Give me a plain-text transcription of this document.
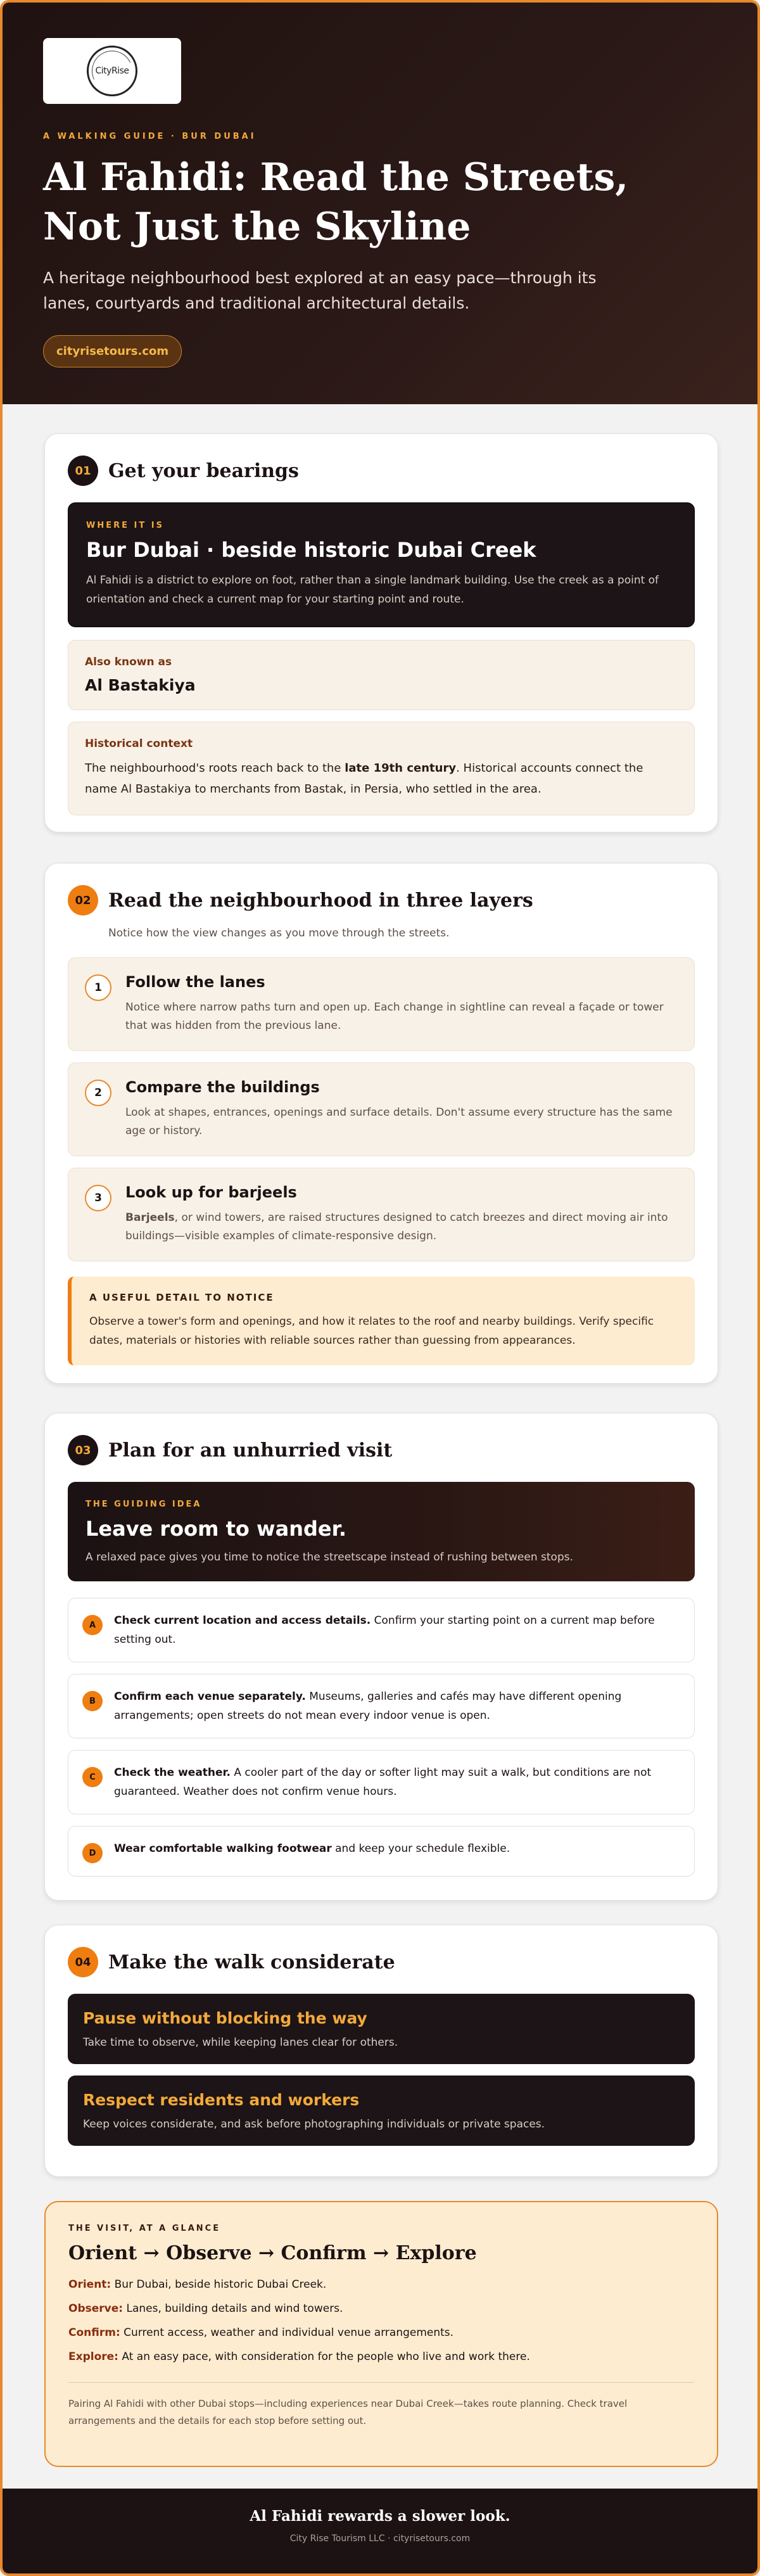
CityRise
A WALKING GUIDE · BUR DUBAI
Al Fahidi: Read the Streets,
Not Just the Skyline

A heritage neighbourhood best explored at an easy pace—through its lanes, courtyards and traditional architectural details.

cityrisetours.com
01 Get your bearings
WHERE IT IS
Bur Dubai · beside historic Dubai Creek
Al Fahidi is a district to explore on foot, rather than a single landmark building. Use the creek as a point of orientation and check a current map for your starting point and route.
Also known as
Al Bastakiya
Historical context
The neighbourhood's roots reach back to the late 19th century. Historical accounts connect the name Al Bastakiya to merchants from Bastak, in Persia, who settled in the area.
02 Read the neighbourhood in three layers

Notice how the view changes as you move through the streets.

1	Follow the lanes
Notice where narrow paths turn and open up. Each change in sightline can reveal a façade or tower that was hidden from the previous lane.
2	Compare the buildings
Look at shapes, entrances, openings and surface details. Don't assume every structure has the same age or history.
3	Look up for barjeels
Barjeels, or wind towers, are raised structures designed to catch breezes and direct moving air into buildings—visible examples of climate-responsive design.
A USEFUL DETAIL TO NOTICE
Observe a tower's form and openings, and how it relates to the roof and nearby buildings. Verify specific dates, materials or histories with reliable sources rather than guessing from appearances.
03 Plan for an unhurried visit
THE GUIDING IDEA
Leave room to wander.
A relaxed pace gives you time to notice the streetscape instead of rushing between stops.
A	Check current location and access details. Confirm your starting point on a current map before setting out.
B	Confirm each venue separately. Museums, galleries and cafés may have different opening arrangements; open streets do not mean every indoor venue is open.
C	Check the weather. A cooler part of the day or softer light may suit a walk, but conditions are not guaranteed. Weather does not confirm venue hours.
D	Wear comfortable walking footwear and keep your schedule flexible.
04 Make the walk considerate
Pause without blocking the way
Take time to observe, while keeping lanes clear for others.
Respect residents and workers
Keep voices considerate, and ask before photographing individuals or private spaces.
THE VISIT, AT A GLANCE
Orient → Observe → Confirm → Explore
Orient: Bur Dubai, beside historic Dubai Creek.
Observe: Lanes, building details and wind towers.
Confirm: Current access, weather and individual venue arrangements.
Explore: At an easy pace, with consideration for the people who live and work there.

Pairing Al Fahidi with other Dubai stops—including experiences near Dubai Creek—takes route planning. Check travel arrangements and the details for each stop before setting out.

Al Fahidi rewards a slower look.
City Rise Tourism LLC · cityrisetours.com
